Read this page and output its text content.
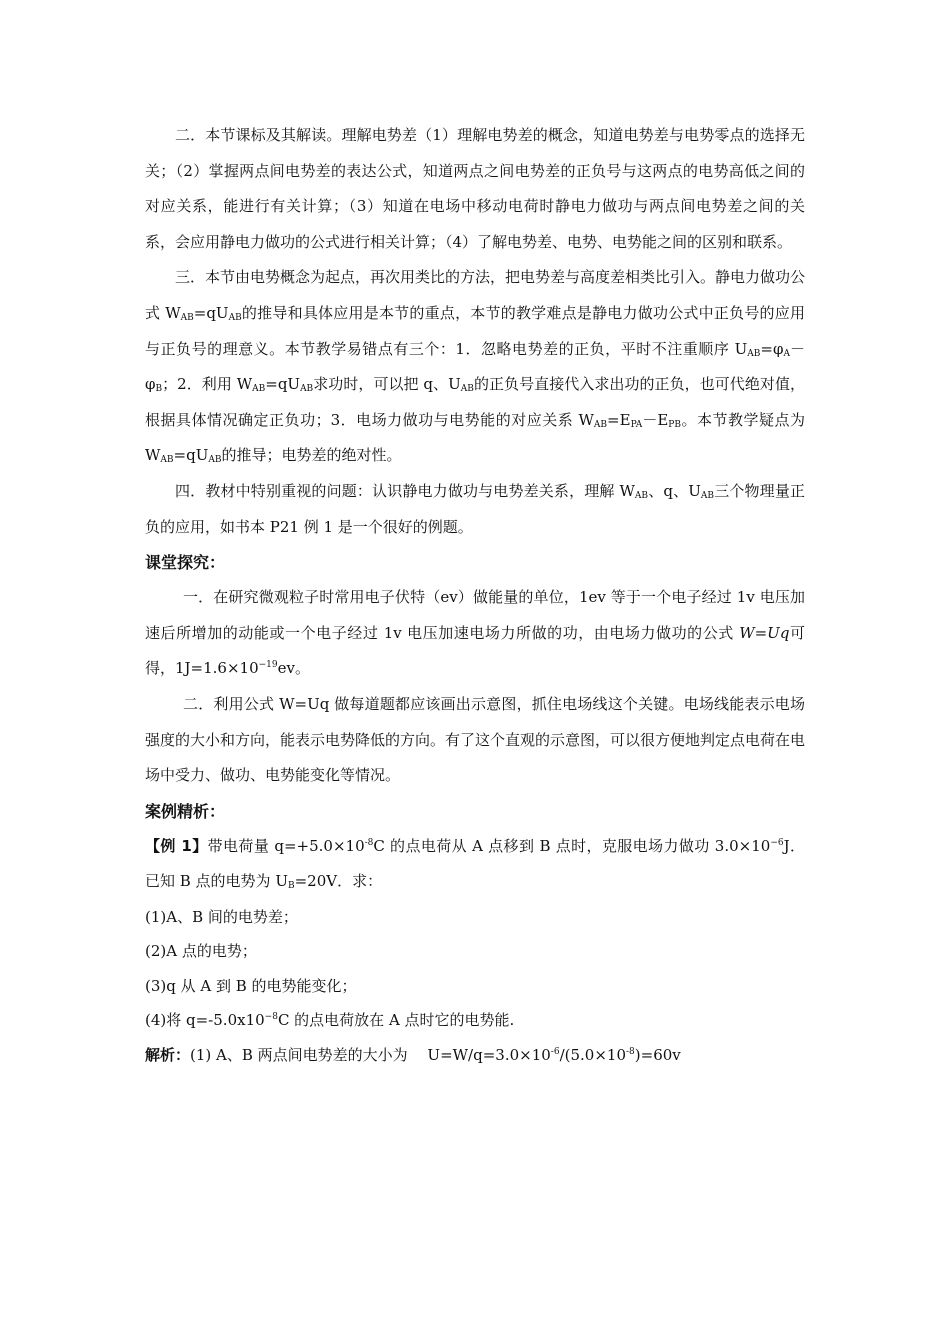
二．本节课标及其解读。理解电势差（1）理解电势差的概念，知道电势差与电势零点的选择无关；（2）掌握两点间电势差的表达公式，知道两点之间电势差的正负号与这两点的电势高低之间的对应关系，能进行有关计算；（3）知道在电场中移动电荷时静电力做功与两点间电势差之间的关系，会应用静电力做功的公式进行相关计算；（4）了解电势差、电势、电势能之间的区别和联系。

三．本节由电势概念为起点，再次用类比的方法，把电势差与高度差相类比引入。静电力做功公式 $W_{AB}=qU_{AB}$的推导和具体应用是本节的重点，本节的教学难点是静电力做功公式中正负号的应用与正负号的理意义。本节教学易错点有三个：1．忽略电势差的正负，平时不注重顺序 $U_{AB}=\varphi_A-\varphi_B$；2．利用 $W_{AB}=qU_{AB}$求功时，可以把 q、$U_{AB}$的正负号直接代入求出功的正负，也可代绝对值，根据具体情况确定正负功；3．电场力做功与电势能的对应关系 $W_{AB}=E_{PA}-E_{PB}$。本节教学疑点为 $W_{AB}=qU_{AB}$的推导；电势差的绝对性。

四．教材中特别重视的问题：认识静电力做功与电势差关系，理解 $W_{AB}$、q、$U_{AB}$三个物理量正负的应用，如书本 P21 例 1 是一个很好的例题。

课堂探究：

一．在研究微观粒子时常用电子伏特（ev）做能量的单位，1ev 等于一个电子经过 1v 电压加速后所增加的动能或一个电子经过 1v 电压加速电场力所做的功，由电场力做功的公式 W=Uq可得，$1J=1.6\times 10^{-19}ev$。

二．利用公式 W=Uq 做每道题都应该画出示意图，抓住电场线这个关键。电场线能表示电场强度的大小和方向，能表示电势降低的方向。有了这个直观的示意图，可以很方便地判定点电荷在电场中受力、做功、电势能变化等情况。

案例精析：

【例 1】带电荷量 $q=+5.0\times 10^{-8}C$ 的点电荷从 A 点移到 B 点时，克服电场力做功 $3.0\times 10^{-6}J$．已知 B 点的电势为 $U_B=20V$．求：

(1)A、B 间的电势差；

(2)A 点的电势；

(3)q 从 A 到 B 的电势能变化；

(4)将 $q=-5.0x10^{-8}C$ 的点电荷放在 A 点时它的电势能.

解析：(1) A、B 两点间电势差的大小为　 $U=W/q=3.0\times 10^{-6}/(5.0\times 10^{-8})=60v$
